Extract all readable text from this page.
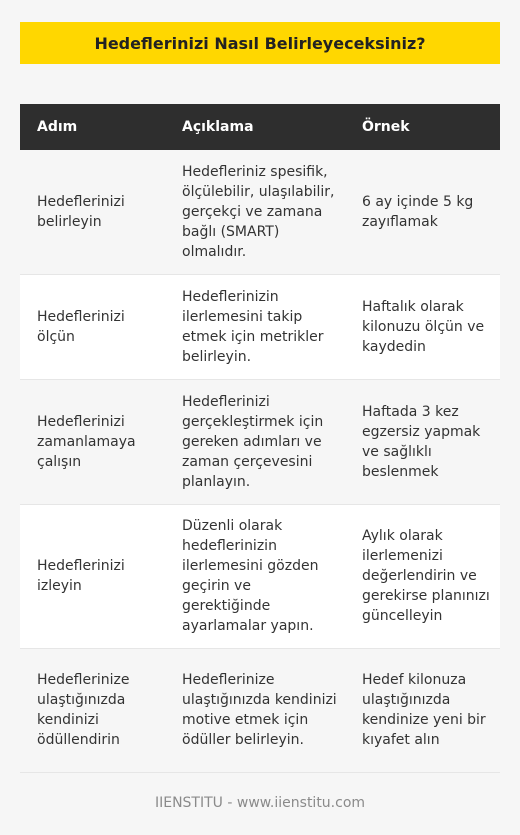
Hedeflerinizi Nasıl Belirleyeceksiniz?
Adım	Açıklama	Örnek
Hedeflerinizi belirleyin	Hedefleriniz spesifik, ölçülebilir, ulaşılabilir, gerçekçi ve zamana bağlı (SMART) olmalıdır.	6 ay içinde 5 kg zayıflamak
Hedeflerinizi ölçün	Hedeflerinizin ilerlemesini takip etmek için metrikler belirleyin.	Haftalık olarak kilonuzu ölçün ve kaydedin
Hedeflerinizi zamanlamaya çalışın	Hedeflerinizi gerçekleştirmek için gereken adımları ve zaman çerçevesini planlayın.	Haftada 3 kez egzersiz yapmak ve sağlıklı beslenmek
Hedeflerinizi izleyin	Düzenli olarak hedeflerinizin ilerlemesini gözden geçirin ve gerektiğinde ayarlamalar yapın.	Aylık olarak ilerlemenizi değerlendirin ve gerekirse planınızı güncelleyin
Hedeflerinize ulaştığınızda kendinizi ödüllendirin	Hedeflerinize ulaştığınızda kendinizi motive etmek için ödüller belirleyin.	Hedef kilonuza ulaştığınızda kendinize yeni bir kıyafet alın
IIENSTITU - www.iienstitu.com
